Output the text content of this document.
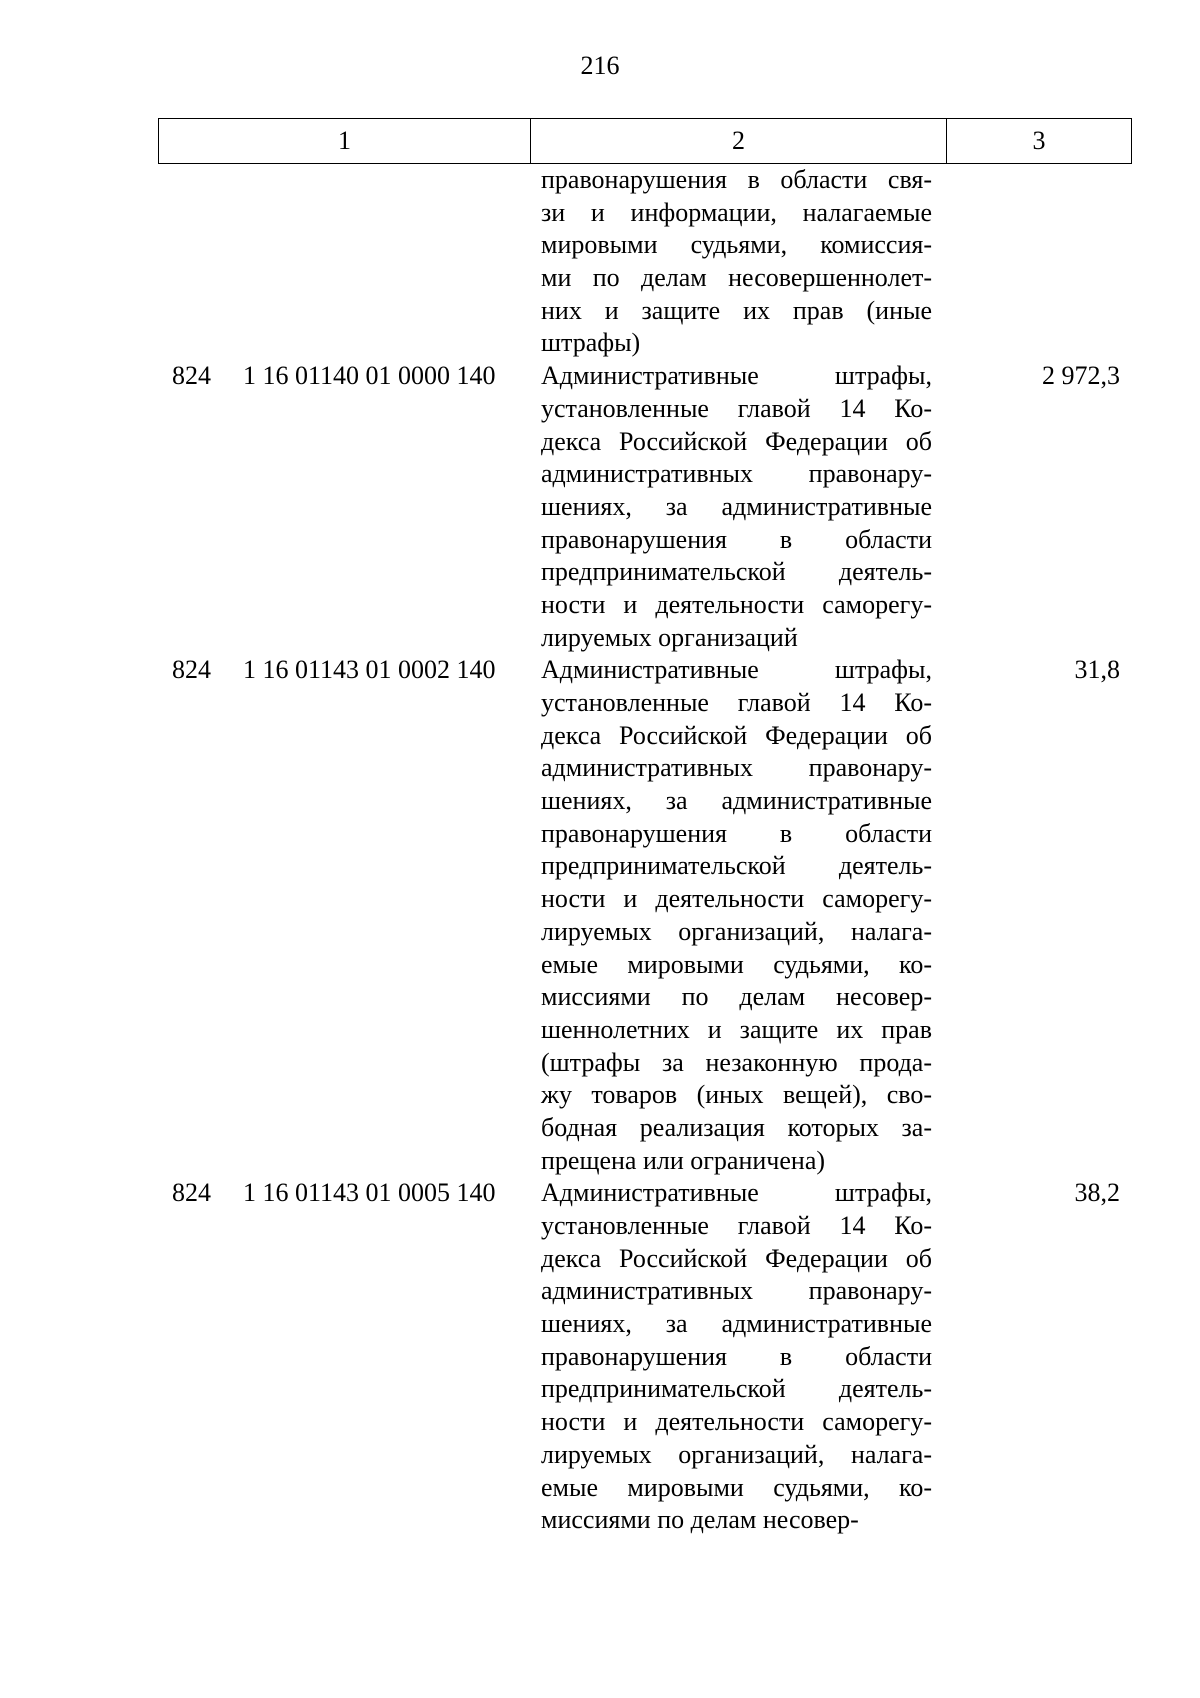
216
1	2	3
правонарушения в области свя-
зи и информации, налагаемые
мировыми судьями, комиссия-
ми по делам несовершеннолет-
них и защите их прав (иные
штрафы)
824 1 16 01140 01 0000 140 Административные штрафы,
установленные главой 14 Ко-
декса Российской Федерации об
административных правонару-
шениях, за административные
правонарушения в области
предпринимательской деятель-
ности и деятельности саморегу-
лируемых организаций
2 972,3
824 1 16 01143 01 0002 140 Административные штрафы,
установленные главой 14 Ко-
декса Российской Федерации об
административных правонару-
шениях, за административные
правонарушения в области
предпринимательской деятель-
ности и деятельности саморегу-
лируемых организаций, налага-
емые мировыми судьями, ко-
миссиями по делам несовер-
шеннолетних и защите их прав
(штрафы за незаконную прода-
жу товаров (иных вещей), сво-
бодная реализация которых за-
прещена или ограничена)
31,8
824 1 16 01143 01 0005 140 Административные штрафы,
установленные главой 14 Ко-
декса Российской Федерации об
административных правонару-
шениях, за административные
правонарушения в области
предпринимательской деятель-
ности и деятельности саморегу-
лируемых организаций, налага-
емые мировыми судьями, ко-
миссиями по делам несовер-
38,2
